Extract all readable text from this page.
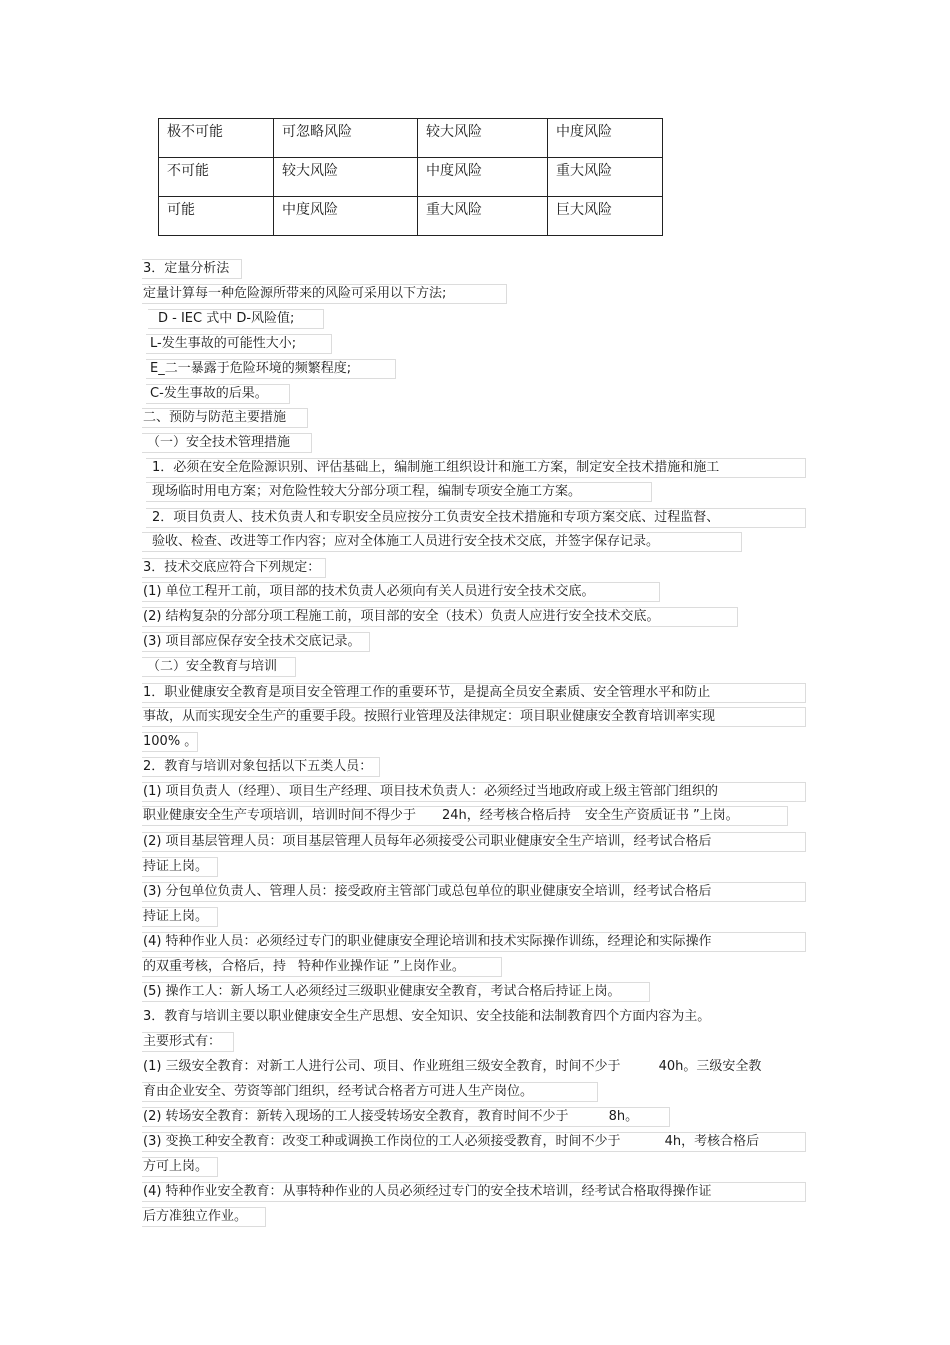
极不可能	可忽略风险	较大风险	中度风险
不可能	较大风险	中度风险	重大风险
可能	中度风险	重大风险	巨大风险
3．定量分析法
定量计算每一种危险源所带来的风险可采用以下方法;
D - IEC 式中 D-风险值;
L-发生事故的可能性大小;
E_二一暴露于危险环境的频繁程度;
C-发生事故的后果。
二、预防与防范主要措施
（一）安全技术管理措施
1．必须在安全危险源识别、评估基础上，编制施工组织设计和施工方案，制定安全技术措施和施工
现场临时用电方案；对危险性较大分部分项工程，编制专项安全施工方案。
2．项目负责人、技术负责人和专职安全员应按分工负责安全技术措施和专项方案交底、过程监督、
验收、检查、改进等工作内容；应对全体施工人员进行安全技术交底，并签字保存记录。
3．技术交底应符合下列规定：
(1) 单位工程开工前，项目部的技术负责人必须向有关人员进行安全技术交底。
(2) 结构复杂的分部分项工程施工前，项目部的安全（技术）负责人应进行安全技术交底。
(3) 项目部应保存安全技术交底记录。
（二）安全教育与培训
1．职业健康安全教育是项目安全管理工作的重要环节，是提高全员安全素质、安全管理水平和防止
事故，从而实现安全生产的重要手段。按照行业管理及法律规定：项目职业健康安全教育培训率实现
100% 。
2．教育与培训对象包括以下五类人员：
(1) 项目负责人（经理）、项目生产经理、项目技术负责人：必须经过当地政府或上级主管部门组织的
职业健康安全生产专项培训，培训时间不得少于 24h，经考核合格后持 安全生产资质证书 ”上岗。
(2) 项目基层管理人员：项目基层管理人员每年必须接受公司职业健康安全生产培训，经考试合格后
持证上岗。
(3) 分包单位负责人、管理人员：接受政府主管部门或总包单位的职业健康安全培训，经考试合格后
持证上岗。
(4) 特种作业人员：必须经过专门的职业健康安全理论培训和技术实际操作训练，经理论和实际操作
的双重考核，合格后，持 特种作业操作证 ”上岗作业。
(5) 操作工人：新人场工人必须经过三级职业健康安全教育，考试合格后持证上岗。
3．教育与培训主要以职业健康安全生产思想、安全知识、安全技能和法制教育四个方面内容为主。
主要形式有：
(1) 三级安全教育：对新工人进行公司、项目、作业班组三级安全教育，时间不少于	40h。三级安全教
育由企业安全、劳资等部门组织，经考试合格者方可进人生产岗位。
(2) 转场安全教育：新转入现场的工人接受转场安全教育，教育时间不少于	8h。
(3) 变换工种安全教育：改变工种或调换工作岗位的工人必须接受教育，时间不少于	4h，考核合格后
方可上岗。
(4) 特种作业安全教育：从事特种作业的人员必须经过专门的安全技术培训，经考试合格取得操作证
后方准独立作业。
